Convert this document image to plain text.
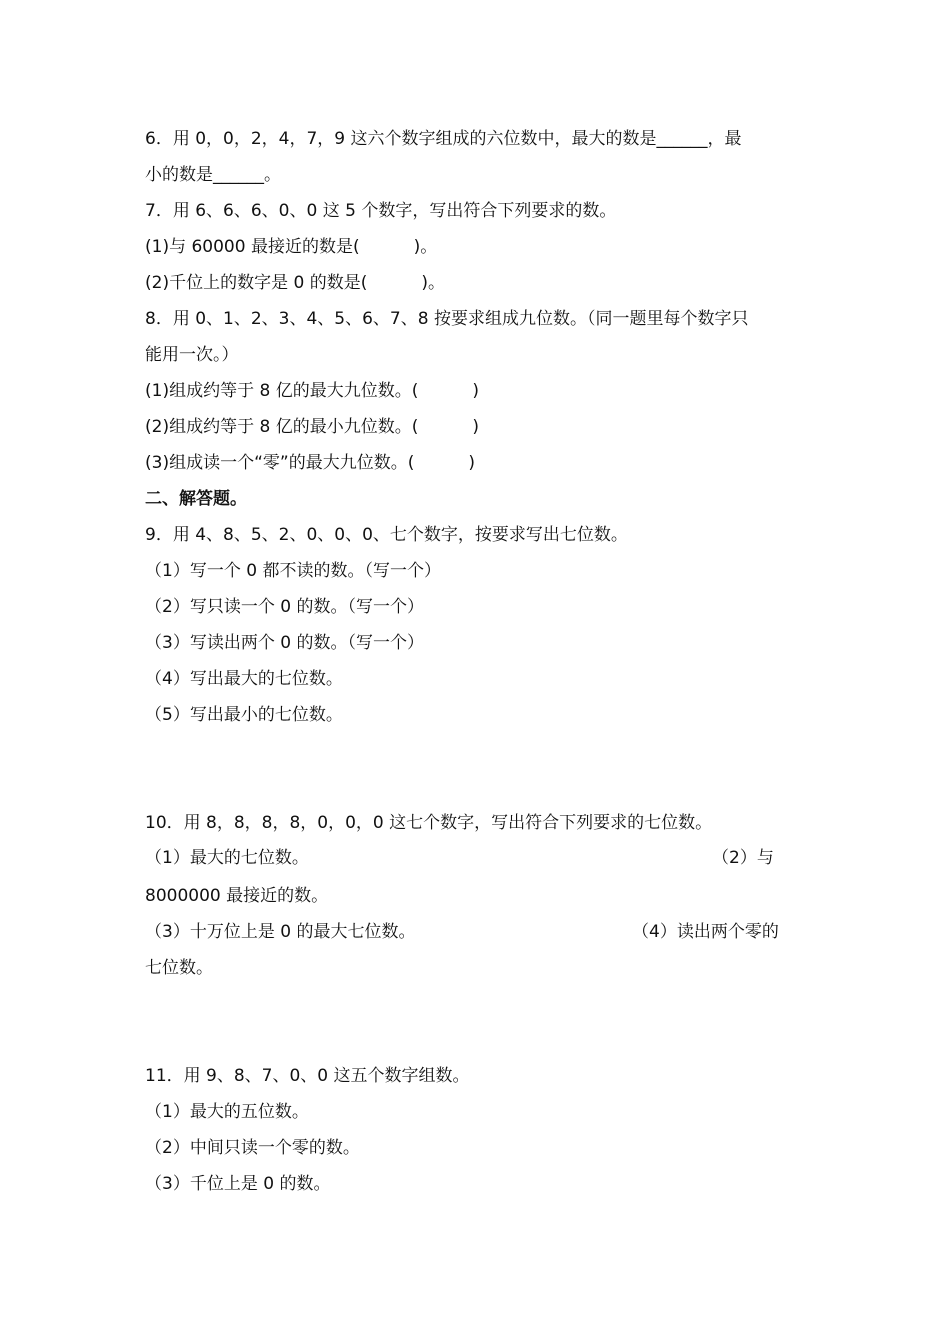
6．用 0，0，2，4，7，9 这六个数字组成的六位数中，最大的数是______，最
小的数是______。
7．用 6、6、6、0、0 这 5 个数字，写出符合下列要求的数。
(1)与 60000 最接近的数是(          )。
(2)千位上的数字是 0 的数是(          )。
8．用 0、1、2、3、4、5、6、7、8 按要求组成九位数。（同一题里每个数字只
能用一次。）
(1)组成约等于 8 亿的最大九位数。(          )
(2)组成约等于 8 亿的最小九位数。(          )
(3)组成读一个“零”的最大九位数。(          )
二、解答题。
9．用 4、8、5、2、0、0、0、七个数字，按要求写出七位数。
（1）写一个 0 都不读的数。（写一个）
（2）写只读一个 0 的数。（写一个）
（3）写读出两个 0 的数。（写一个）
（4）写出最大的七位数。
（5）写出最小的七位数。
10．用 8，8，8，8，0，0，0 这七个数字，写出符合下列要求的七位数。
（1）最大的七位数。	（2）与
8000000 最接近的数。
（3）十万位上是 0 的最大七位数。	（4）读出两个零的
七位数。
11．用 9、8、7、0、0 这五个数字组数。
（1）最大的五位数。
（2）中间只读一个零的数。
（3）千位上是 0 的数。
